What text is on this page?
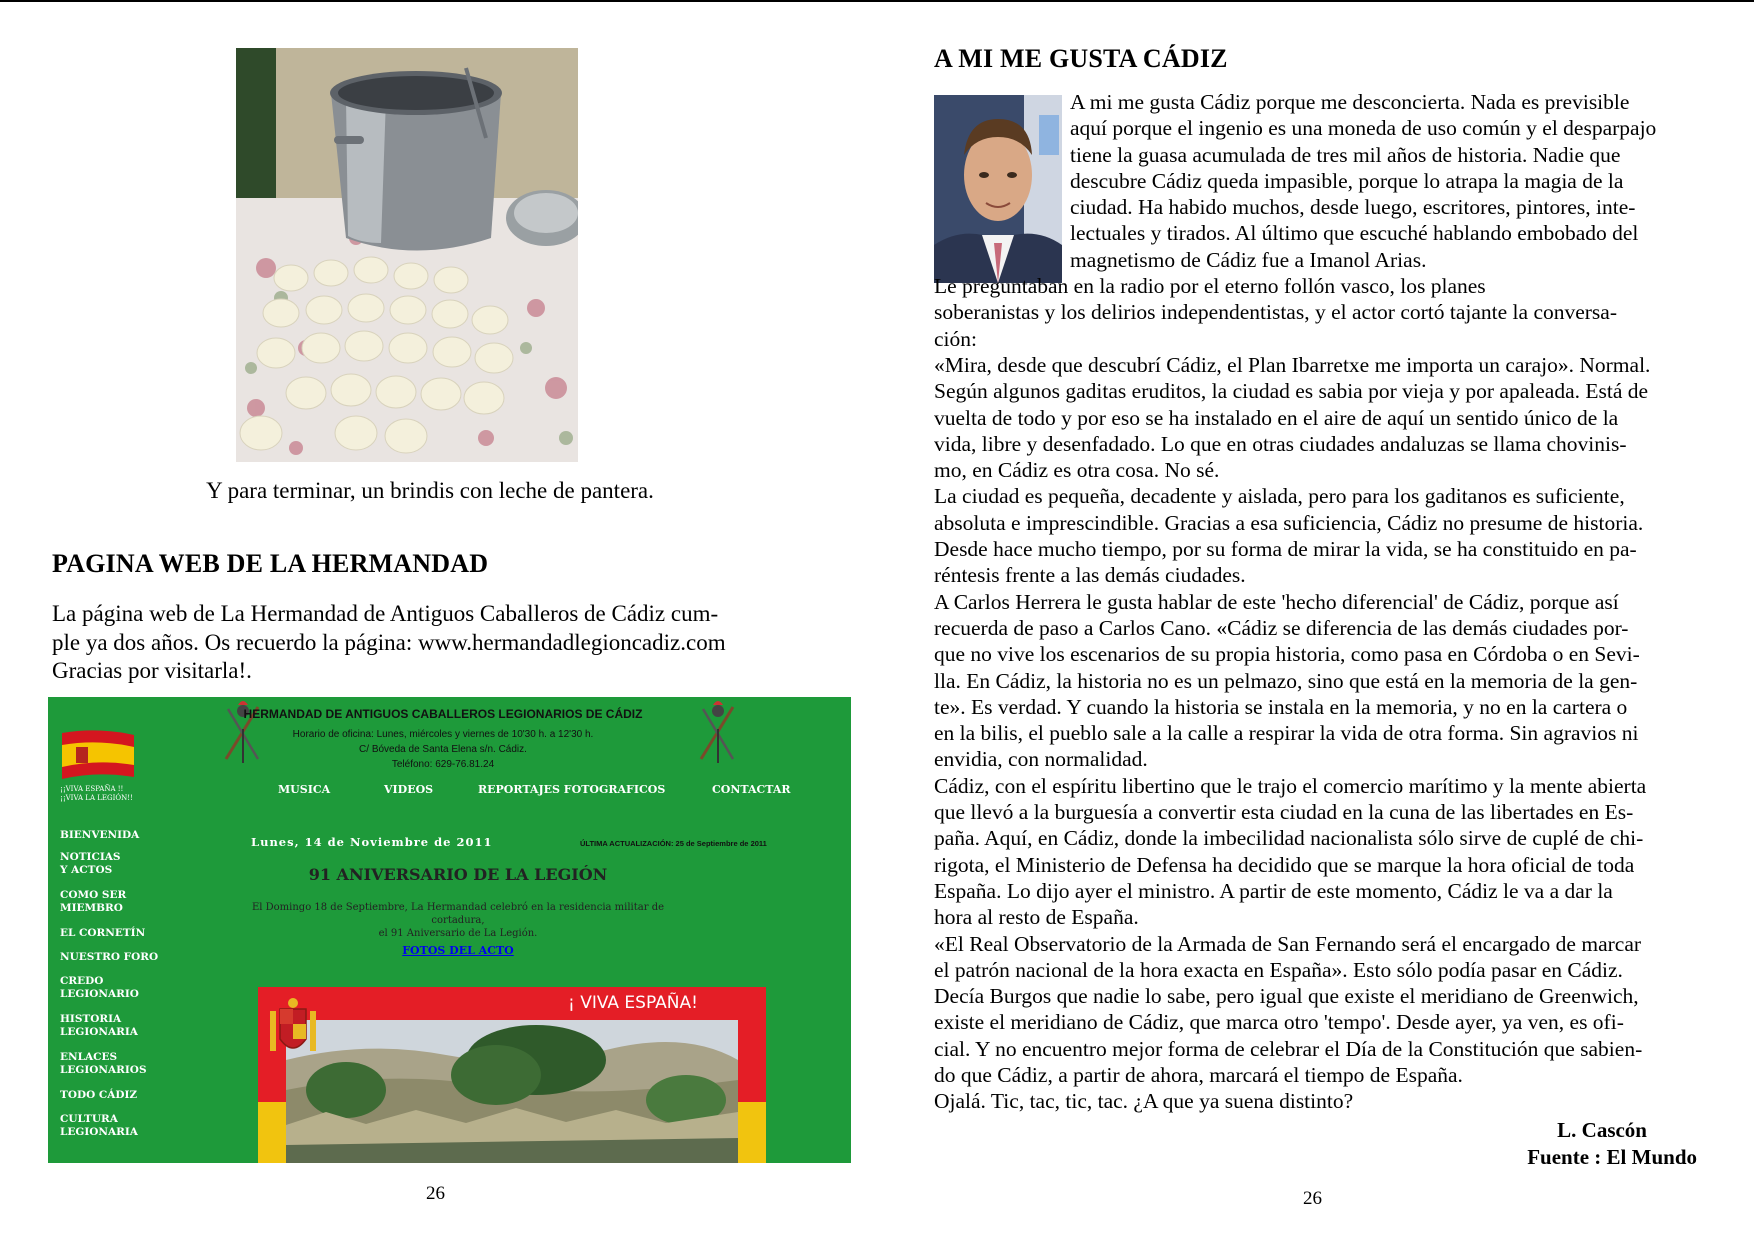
Y para terminar, un brindis con leche de pantera.
PAGINA WEB DE LA HERMANDAD

La página web de La Hermandad de Antiguos Caballeros de Cádiz cum-

ple ya dos años. Os recuerdo la página: www.hermandadlegioncadiz.com

Gracias por visitarla!.

¡¡VIVA ESPAÑA !!
¡¡VIVA LA LEGIÓN!!
HERMANDAD DE ANTIGUOS CABALLEROS LEGIONARIOS DE CÁDIZ
Horario de oficina: Lunes, miércoles y viernes de 10'30 h. a 12'30 h.
C/ Bóveda de Santa Elena s/n. Cádiz.
Teléfono: 629-76.81.24
MUSICA	VIDEOS	REPORTAJES FOTOGRAFICOS	CONTACTAR
BIENVENIDA
NOTICIAS
Y ACTOS
COMO SER
MIEMBRO
EL CORNETÍN
NUESTRO FORO
CREDO
LEGIONARIO
HISTORIA
LEGIONARIA
ENLACES
LEGIONARIOS
TODO CÁDIZ
CULTURA
LEGIONARIA
Lunes, 14 de Noviembre de 2011	ÚLTIMA ACTUALIZACIÓN: 25 de Septiembre de 2011
91 ANIVERSARIO DE LA LEGIÓN
El Domingo 18 de Septiembre, La Hermandad celebró en la residencia militar de cortadura,
el 91 Aniversario de La Legión.
FOTOS DEL ACTO
¡ VIVA ESPAÑA!
26
A MI ME GUSTA CÁDIZ
A mi me gusta Cádiz porque me desconcierta. Nada es previsible
aquí porque el ingenio es una moneda de uso común y el desparpajo
tiene la guasa acumulada de tres mil años de historia. Nadie que
descubre Cádiz queda impasible, porque lo atrapa la magia de la
ciudad. Ha habido muchos, desde luego, escritores, pintores, inte-
lectuales y tirados. Al último que escuché hablando embobado del
magnetismo de Cádiz fue a Imanol Arias.
Le preguntaban en la radio por el eterno follón vasco, los planes
soberanistas y los delirios independentistas, y el actor cortó tajante la conversa-
ción:
«Mira, desde que descubrí Cádiz, el Plan Ibarretxe me importa un carajo». Normal.
Según algunos gaditas eruditos, la ciudad es sabia por vieja y por apaleada. Está de
vuelta de todo y por eso se ha instalado en el aire de aquí un sentido único de la
vida, libre y desenfadado. Lo que en otras ciudades andaluzas se llama chovinis-
mo, en Cádiz es otra cosa. No sé.
La ciudad es pequeña, decadente y aislada, pero para los gaditanos es suficiente,
absoluta e imprescindible. Gracias a esa suficiencia, Cádiz no presume de historia.
Desde hace mucho tiempo, por su forma de mirar la vida, se ha constituido en pa-
réntesis frente a las demás ciudades.
A Carlos Herrera le gusta hablar de este 'hecho diferencial' de Cádiz, porque así
recuerda de paso a Carlos Cano. «Cádiz se diferencia de las demás ciudades por-
que no vive los escenarios de su propia historia, como pasa en Córdoba o en Sevi-
lla. En Cádiz, la historia no es un pelmazo, sino que está en la memoria de la gen-
te». Es verdad. Y cuando la historia se instala en la memoria, y no en la cartera o
en la bilis, el pueblo sale a la calle a respirar la vida de otra forma. Sin agravios ni
envidia, con normalidad.
Cádiz, con el espíritu libertino que le trajo el comercio marítimo y la mente abierta
que llevó a la burguesía a convertir esta ciudad en la cuna de las libertades en Es-
paña. Aquí, en Cádiz, donde la imbecilidad nacionalista sólo sirve de cuplé de chi-
rigota, el Ministerio de Defensa ha decidido que se marque la hora oficial de toda
España. Lo dijo ayer el ministro. A partir de este momento, Cádiz le va a dar la
hora al resto de España.
«El Real Observatorio de la Armada de San Fernando será el encargado de marcar
el patrón nacional de la hora exacta en España». Esto sólo podía pasar en Cádiz.
Decía Burgos que nadie lo sabe, pero igual que existe el meridiano de Greenwich,
existe el meridiano de Cádiz, que marca otro 'tempo'. Desde ayer, ya ven, es ofi-
cial. Y no encuentro mejor forma de celebrar el Día de la Constitución que sabien-
do que Cádiz, a partir de ahora, marcará el tiempo de España.
Ojalá. Tic, tac, tic, tac. ¿A que ya suena distinto?
L. Cascón
Fuente : El Mundo
26
